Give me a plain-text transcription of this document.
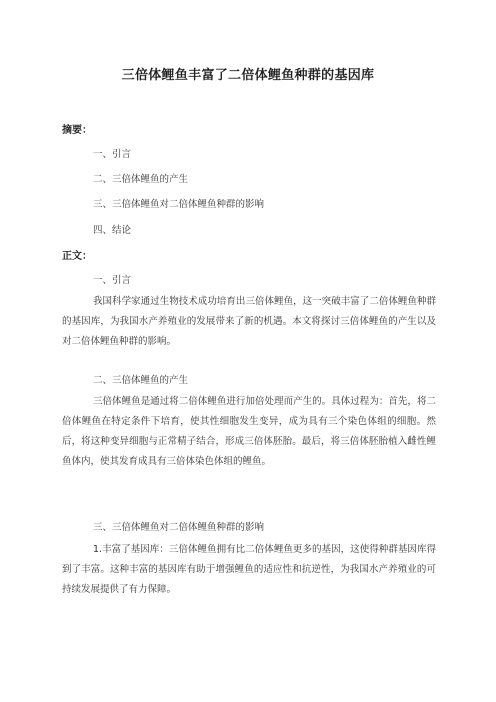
三倍体鲤鱼丰富了二倍体鲤鱼种群的基因库
摘要：
一、引言
二、三倍体鲤鱼的产生
三、三倍体鲤鱼对二倍体鲤鱼种群的影响
四、结论
正文：
一、引言

我国科学家通过生物技术成功培育出三倍体鲤鱼，这一突破丰富了二倍体鲤鱼种群的基因库，为我国水产养殖业的发展带来了新的机遇。本文将探讨三倍体鲤鱼的产生以及对二倍体鲤鱼种群的影响。

二、三倍体鲤鱼的产生

三倍体鲤鱼是通过将二倍体鲤鱼进行加倍处理而产生的。具体过程为：首先，将二倍体鲤鱼在特定条件下培育，使其性细胞发生变异，成为具有三个染色体组的细胞。然后，将这种变异细胞与正常精子结合，形成三倍体胚胎。最后，将三倍体胚胎植入雌性鲤鱼体内，使其发育成具有三倍体染色体组的鲤鱼。

三、三倍体鲤鱼对二倍体鲤鱼种群的影响

1.丰富了基因库：三倍体鲤鱼拥有比二倍体鲤鱼更多的基因，这使得种群基因库得到了丰富。这种丰富的基因库有助于增强鲤鱼的适应性和抗逆性，为我国水产养殖业的可持续发展提供了有力保障。
